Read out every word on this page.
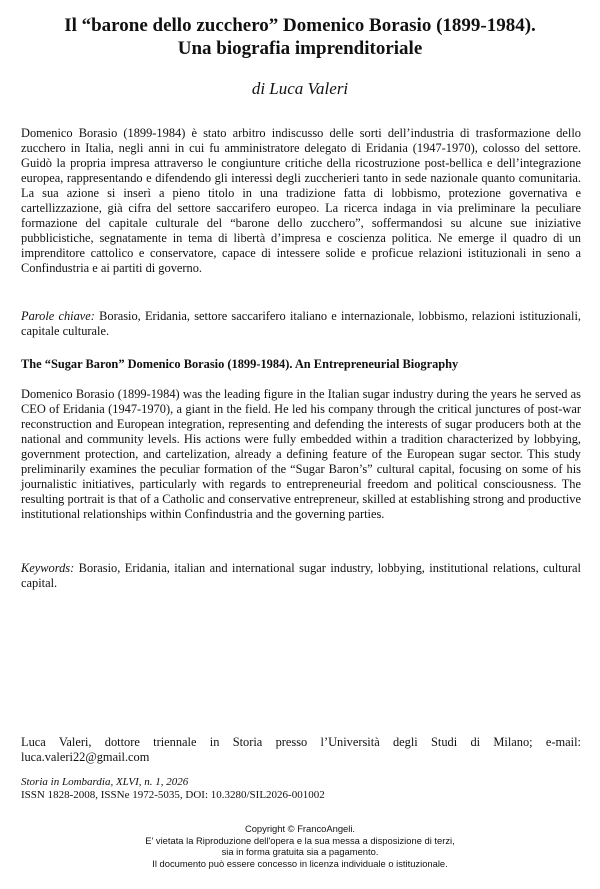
Il “barone dello zucchero” Domenico Borasio (1899-1984).
Una biografia imprenditoriale
di Luca Valeri

Domenico Borasio (1899-1984) è stato arbitro indiscusso delle sorti dell’industria di trasformazione dello zucchero in Italia, negli anni in cui fu amministratore delegato di Eridania (1947-1970), colosso del settore. Guidò la propria impresa attraverso le congiunture critiche della ricostruzione post-bellica e dell’integrazione europea, rappresentando e difendendo gli interessi degli zuccherieri tanto in sede nazionale quanto comunitaria. La sua azione si inserì a pieno titolo in una tradizione fatta di lobbismo, protezione governativa e cartellizzazione, già cifra del settore saccarifero europeo. La ricerca indaga in via preliminare la peculiare formazione del capitale culturale del “barone dello zucchero”, soffermandosi su alcune sue iniziative pubblicistiche, segnatamente in tema di libertà d’impresa e coscienza politica. Ne emerge il quadro di un imprenditore cattolico e conservatore, capace di intessere solide e proficue relazioni istituzionali in seno a Confindustria e ai partiti di governo.

Parole chiave: Borasio, Eridania, settore saccarifero italiano e internazionale, lobbismo, relazioni istituzionali, capitale culturale.

The “Sugar Baron” Domenico Borasio (1899-1984). An Entrepreneurial Biography

Domenico Borasio (1899-1984) was the leading figure in the Italian sugar industry during the years he served as CEO of Eridania (1947-1970), a giant in the field. He led his company through the critical junctures of post-war reconstruction and European integration, representing and defending the interests of sugar producers both at the national and community levels. His actions were fully embedded within a tradition characterized by lobbying, government protection, and cartelization, already a defining feature of the European sugar sector. This study preliminarily examines the peculiar formation of the “Sugar Baron’s” cultural capital, focusing on some of his journalistic initiatives, particularly with regards to entrepreneurial freedom and political consciousness. The resulting portrait is that of a Catholic and conservative entrepreneur, skilled at establishing strong and productive institutional relationships within Confindustria and the governing parties.

Keywords: Borasio, Eridania, italian and international sugar industry, lobbying, institutional relations, cultural capital.

Luca Valeri, dottore triennale in Storia presso l’Università degli Studi di Milano; e-mail: luca.valeri22@gmail.com

Storia in Lombardia, XLVI, n. 1, 2026
ISSN 1828-2008, ISSNe 1972-5035, DOI: 10.3280/SIL2026-001002
Copyright © FrancoAngeli.
E' vietata la Riproduzione dell'opera e la sua messa a disposizione di terzi,
sia in forma gratuita sia a pagamento.
Il documento può essere concesso in licenza individuale o istituzionale.
